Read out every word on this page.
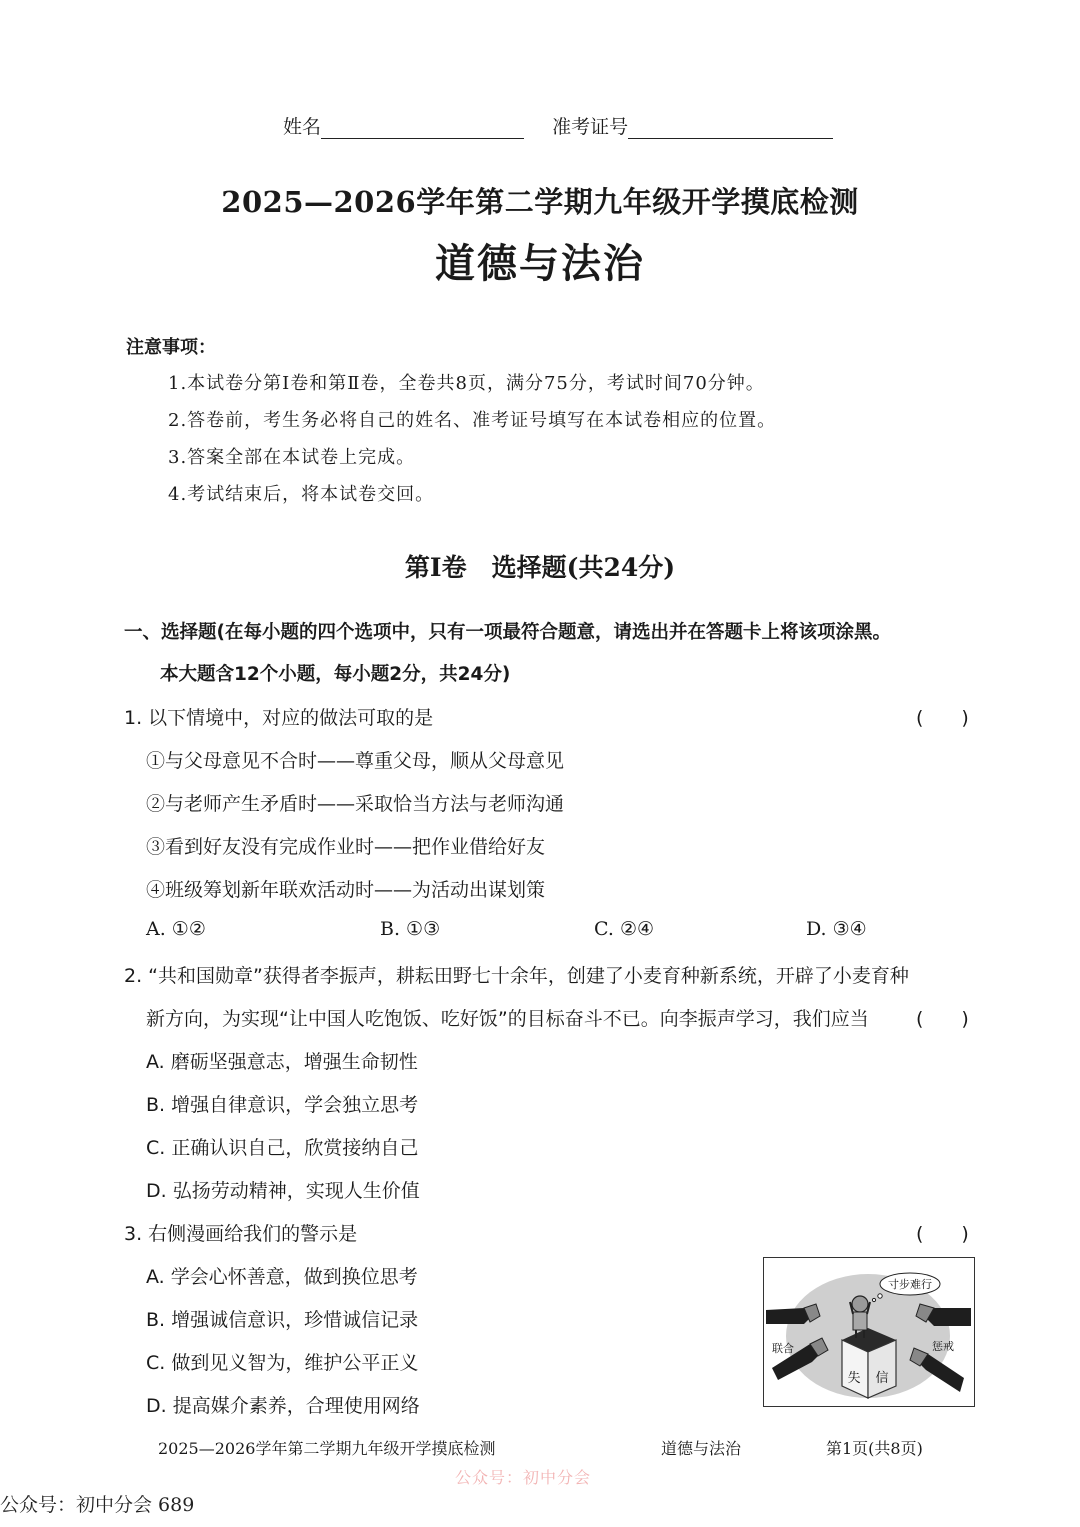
姓名	准考证号
2025—2026学年第二学期九年级开学摸底检测
道德与法治
注意事项：
1.本试卷分第Ⅰ卷和第Ⅱ卷，全卷共8页，满分75分，考试时间70分钟。
2.答卷前，考生务必将自己的姓名、准考证号填写在本试卷相应的位置。
3.答案全部在本试卷上完成。
4.考试结束后，将本试卷交回。
第Ⅰ卷　选择题(共24分)
一、选择题(在每小题的四个选项中，只有一项最符合题意，请选出并在答题卡上将该项涂黑。
本大题含12个小题，每小题2分，共24分)
1. 以下情境中，对应的做法可取的是	(　　)
①与父母意见不合时——尊重父母，顺从父母意见
②与老师产生矛盾时——采取恰当方法与老师沟通
③看到好友没有完成作业时——把作业借给好友
④班级筹划新年联欢活动时——为活动出谋划策
A. ①②	B. ①③	C. ②④	D. ③④
2. “共和国勋章”获得者李振声，耕耘田野七十余年，创建了小麦育种新系统，开辟了小麦育种
新方向，为实现“让中国人吃饱饭、吃好饭”的目标奋斗不已。向李振声学习，我们应当 (　　)
A. 磨砺坚强意志，增强生命韧性
B. 增强自律意识，学会独立思考
C. 正确认识自己，欣赏接纳自己
D. 弘扬劳动精神，实现人生价值
3. 右侧漫画给我们的警示是	(　　)
A. 学会心怀善意，做到换位思考
B. 增强诚信意识，珍惜诚信记录
C. 做到见义智为，维护公平正义
D. 提高媒介素养，合理使用网络
寸步难行
联合	惩戒
失 信
2025—2026学年第二学期九年级开学摸底检测	道德与法治	第1页(共8页)
公众号：初中分会
公众号：初中分会 689
